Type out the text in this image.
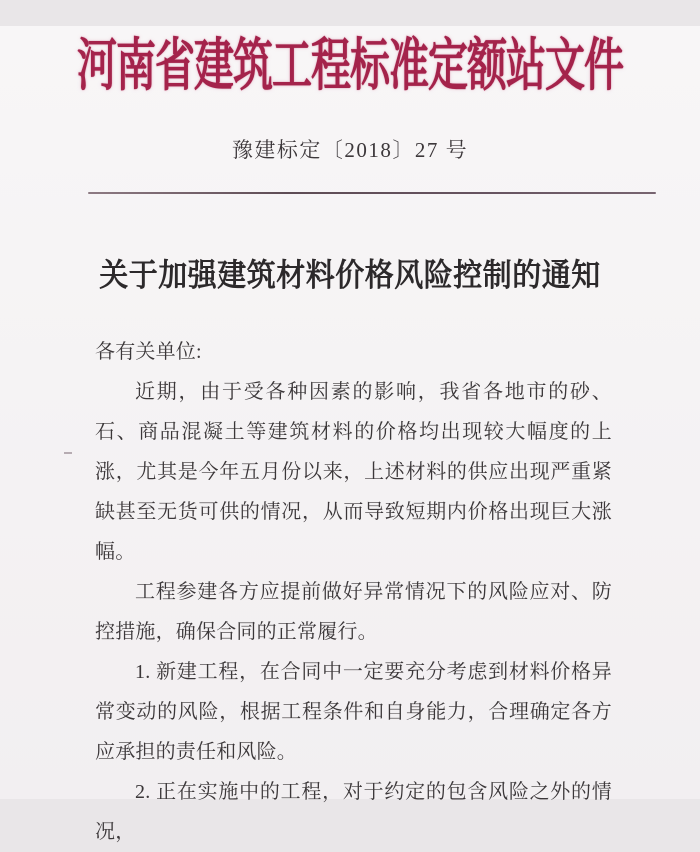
河南省建筑工程标准定额站文件
豫建标定〔2018〕27 号
关于加强建筑材料价格风险控制的通知

各有关单位:

近期，由于受各种因素的影响，我省各地市的砂、石、商品混凝土等建筑材料的价格均出现较大幅度的上涨，尤其是今年五月份以来，上述材料的供应出现严重紧缺甚至无货可供的情况，从而导致短期内价格出现巨大涨幅。

工程参建各方应提前做好异常情况下的风险应对、防控措施，确保合同的正常履行。

1. 新建工程，在合同中一定要充分考虑到材料价格异常变动的风险，根据工程条件和自身能力，合理确定各方应承担的责任和风险。

2. 正在实施中的工程，对于约定的包含风险之外的情况，
